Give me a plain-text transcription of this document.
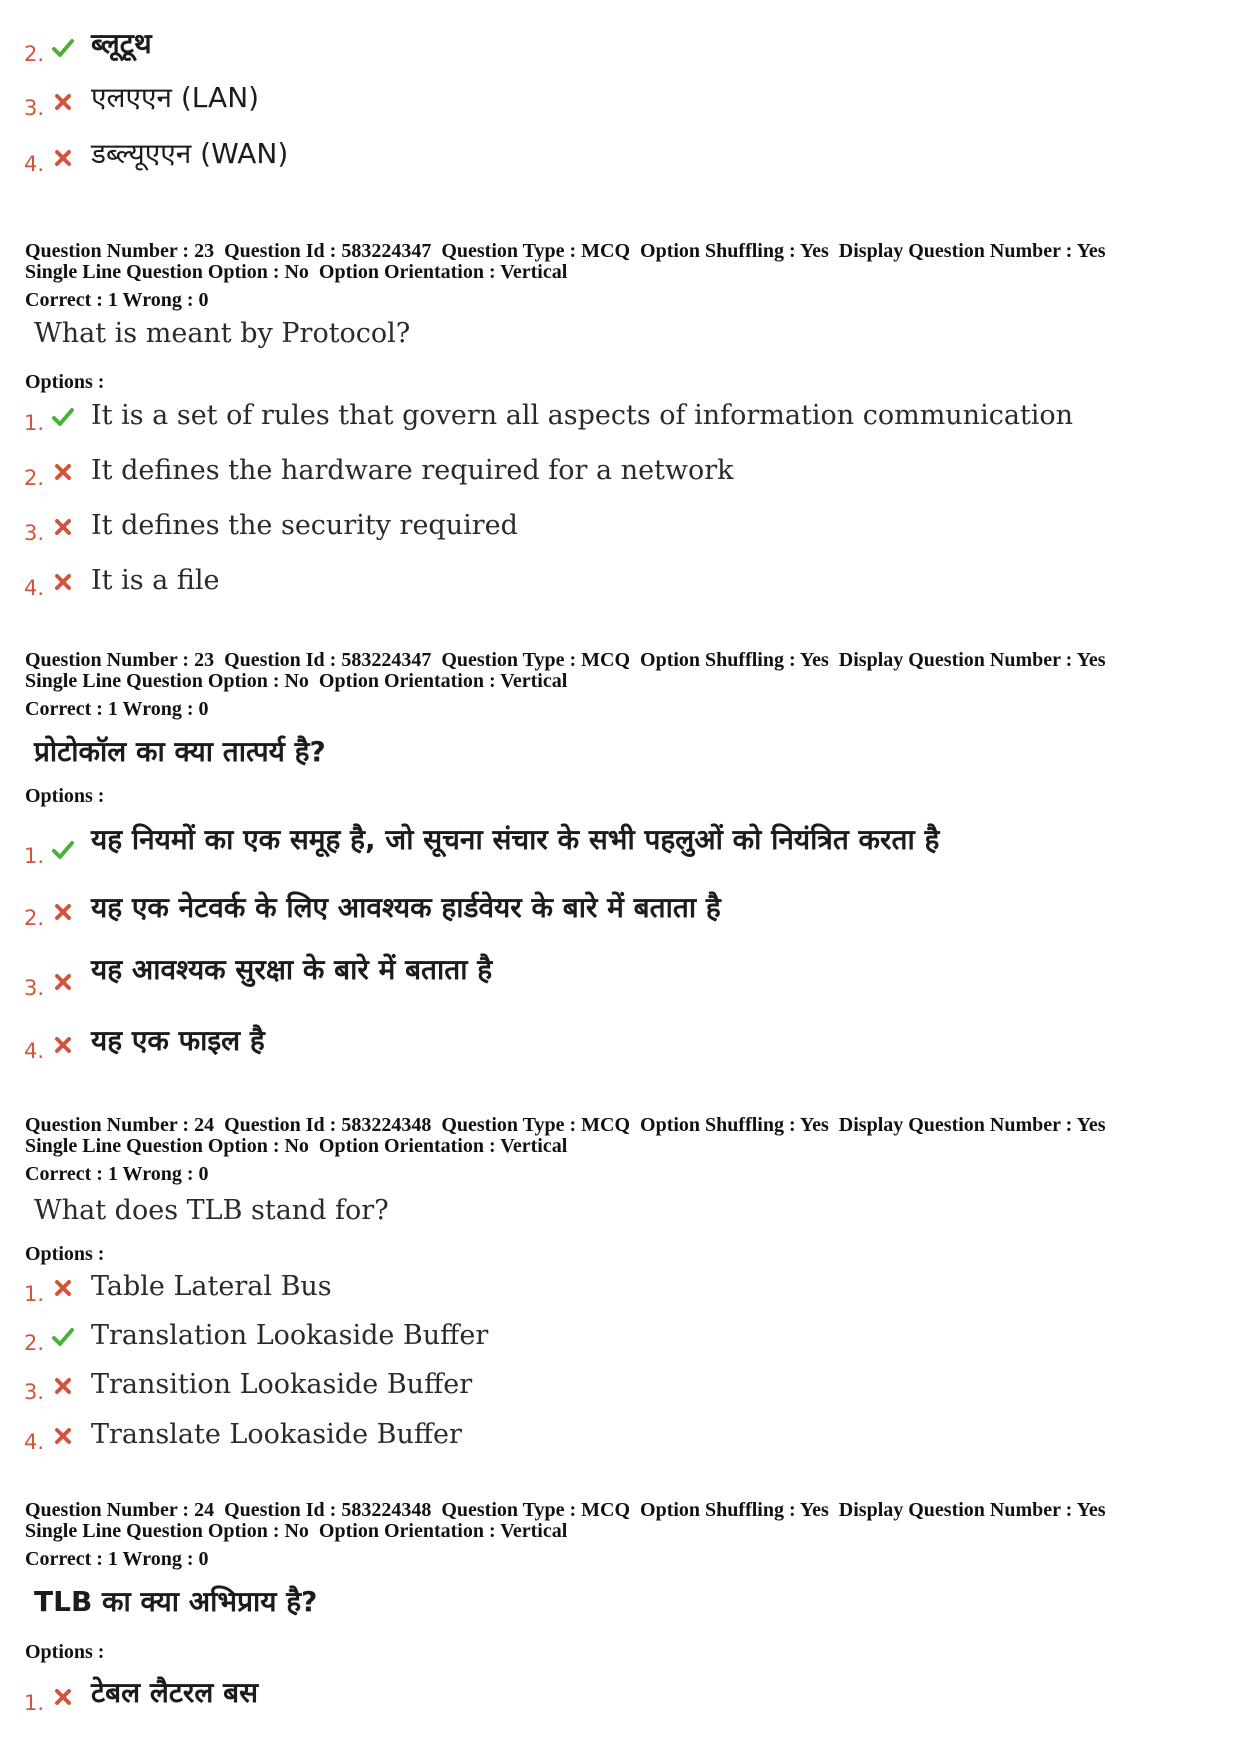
2. ब्लूटूथ
3. एलएएन (LAN)
4. डब्ल्यूएएन (WAN)
Question Number : 23  Question Id : 583224347  Question Type : MCQ  Option Shuffling : Yes  Display Question Number : Yes
Single Line Question Option : No  Option Orientation : Vertical
Correct : 1 Wrong : 0
What is meant by Protocol?
Options :
1. It is a set of rules that govern all aspects of information communication
2. It defines the hardware required for a network
3. It defines the security required
4. It is a file
Question Number : 23  Question Id : 583224347  Question Type : MCQ  Option Shuffling : Yes  Display Question Number : Yes
Single Line Question Option : No  Option Orientation : Vertical
Correct : 1 Wrong : 0
प्रोटोकॉल का क्या तात्पर्य है?
Options :
1. यह नियमों का एक समूह है, जो सूचना संचार के सभी पहलुओं को नियंत्रित करता है
2. यह एक नेटवर्क के लिए आवश्यक हार्डवेयर के बारे में बताता है
3.
यह आवश्यक सुरक्षा के बारे में बताता है
4. यह एक फाइल है
Question Number : 24  Question Id : 583224348  Question Type : MCQ  Option Shuffling : Yes  Display Question Number : Yes
Single Line Question Option : No  Option Orientation : Vertical
Correct : 1 Wrong : 0
What does TLB stand for?
Options :
1. Table Lateral Bus
2. Translation Lookaside Buffer
3. Transition Lookaside Buffer
4. Translate Lookaside Buffer
Question Number : 24  Question Id : 583224348  Question Type : MCQ  Option Shuffling : Yes  Display Question Number : Yes
Single Line Question Option : No  Option Orientation : Vertical
Correct : 1 Wrong : 0
TLB का क्या अभिप्राय है?
Options :
1. टेबल लैटरल बस
